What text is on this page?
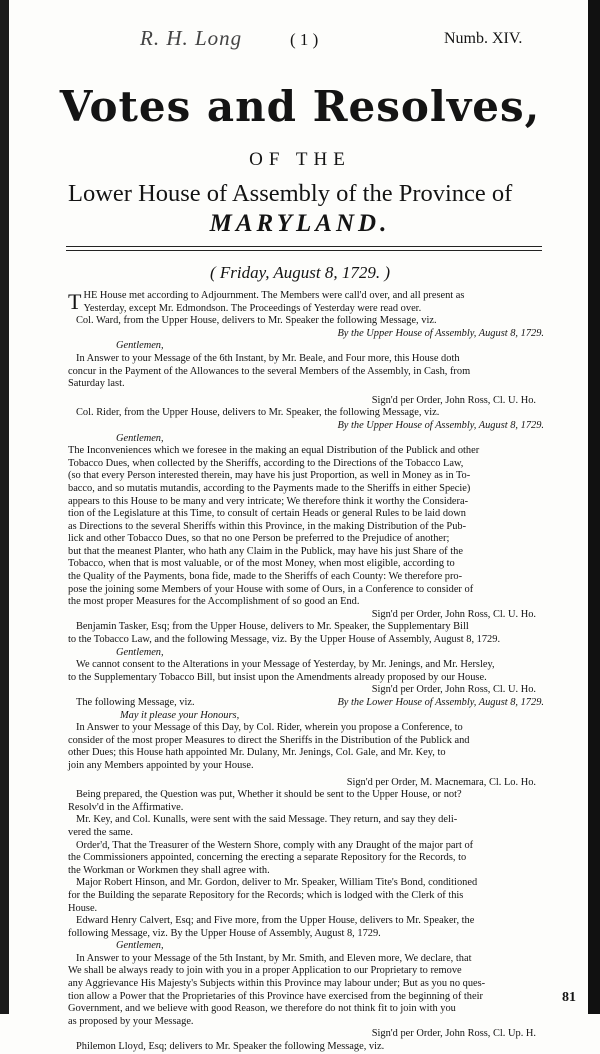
R. H. Long	( 1 )	Numb. XIV.
Votes and Resolves,
OF THE
Lower House of Assembly of the Province of
MARYLAND.
( Friday, August 8, 1729. )

THE House met according to Adjournment. The Members were call'd over, and all present as

Yesterday, except Mr. Edmondson. The Proceedings of Yesterday were read over.

Col. Ward, from the Upper House, delivers to Mr. Speaker the following Message, viz.

By the Upper House of Assembly, August 8, 1729.

Gentlemen,

In Answer to your Message of the 6th Instant, by Mr. Beale, and Four more, this House doth

concur in the Payment of the Allowances to the several Members of the Assembly, in Cash, from

Saturday last.

Sign'd per Order, John Ross, Cl. U. Ho.

Col. Rider, from the Upper House, delivers to Mr. Speaker, the following Message, viz.

By the Upper House of Assembly, August 8, 1729.

Gentlemen,

The Inconveniences which we foresee in the making an equal Distribution of the Publick and other

Tobacco Dues, when collected by the Sheriffs, according to the Directions of the Tobacco Law,

(so that every Person interested therein, may have his just Proportion, as well in Money as in To-

bacco, and so mutatis mutandis, according to the Payments made to the Sheriffs in either Specie)

appears to this House to be many and very intricate; We therefore think it worthy the Considera-

tion of the Legislature at this Time, to consult of certain Heads or general Rules to be laid down

as Directions to the several Sheriffs within this Province, in the making Distribution of the Pub-

lick and other Tobacco Dues, so that no one Person be preferred to the Prejudice of another;

but that the meanest Planter, who hath any Claim in the Publick, may have his just Share of the

Tobacco, when that is most valuable, or of the most Money, when most eligible, according to

the Quality of the Payments, bona fide, made to the Sheriffs of each County: We therefore pro-

pose the joining some Members of your House with some of Ours, in a Conference to consider of

the most proper Measures for the Accomplishment of so good an End.

Sign'd per Order, John Ross, Cl. U. Ho.

Benjamin Tasker, Esq; from the Upper House, delivers to Mr. Speaker, the Supplementary Bill

to the Tobacco Law, and the following Message, viz. By the Upper House of Assembly, August 8, 1729.

Gentlemen,

We cannot consent to the Alterations in your Message of Yesterday, by Mr. Jenings, and Mr. Hersley,

to the Supplementary Tobacco Bill, but insist upon the Amendments already proposed by our House.

Sign'd per Order, John Ross, Cl. U. Ho.

The following Message, viz.	By the Lower House of Assembly, August 8, 1729.

May it please your Honours,

In Answer to your Message of this Day, by Col. Rider, wherein you propose a Conference, to

consider of the most proper Measures to direct the Sheriffs in the Distribution of the Publick and

other Dues; this House hath appointed Mr. Dulany, Mr. Jenings, Col. Gale, and Mr. Key, to

join any Members appointed by your House.

Sign'd per Order, M. Macnemara, Cl. Lo. Ho.

Being prepared, the Question was put, Whether it should be sent to the Upper House, or not?

Resolv'd in the Affirmative.

Mr. Key, and Col. Kunalls, were sent with the said Message. They return, and say they deli-

vered the same.

Order'd, That the Treasurer of the Western Shore, comply with any Draught of the major part of

the Commissioners appointed, concerning the erecting a separate Repository for the Records, to

the Workman or Workmen they shall agree with.

Major Robert Hinson, and Mr. Gordon, deliver to Mr. Speaker, William Tite's Bond, conditioned

for the Building the separate Repository for the Records; which is lodged with the Clerk of this

House.

Edward Henry Calvert, Esq; and Five more, from the Upper House, delivers to Mr. Speaker, the

following Message, viz. By the Upper House of Assembly, August 8, 1729.

Gentlemen,

In Answer to your Message of the 5th Instant, by Mr. Smith, and Eleven more, We declare, that

We shall be always ready to join with you in a proper Application to our Proprietary to remove

any Aggrievance His Majesty's Subjects within this Province may labour under; But as you no ques-

tion allow a Power that the Proprietaries of this Province have exercised from the beginning of their

Government, and we believe with good Reason, we therefore do not think fit to join with you

as proposed by your Message.

Sign'd per Order, John Ross, Cl. Up. H.

Philemon Lloyd, Esq; delivers to Mr. Speaker the following Message, viz.

81
